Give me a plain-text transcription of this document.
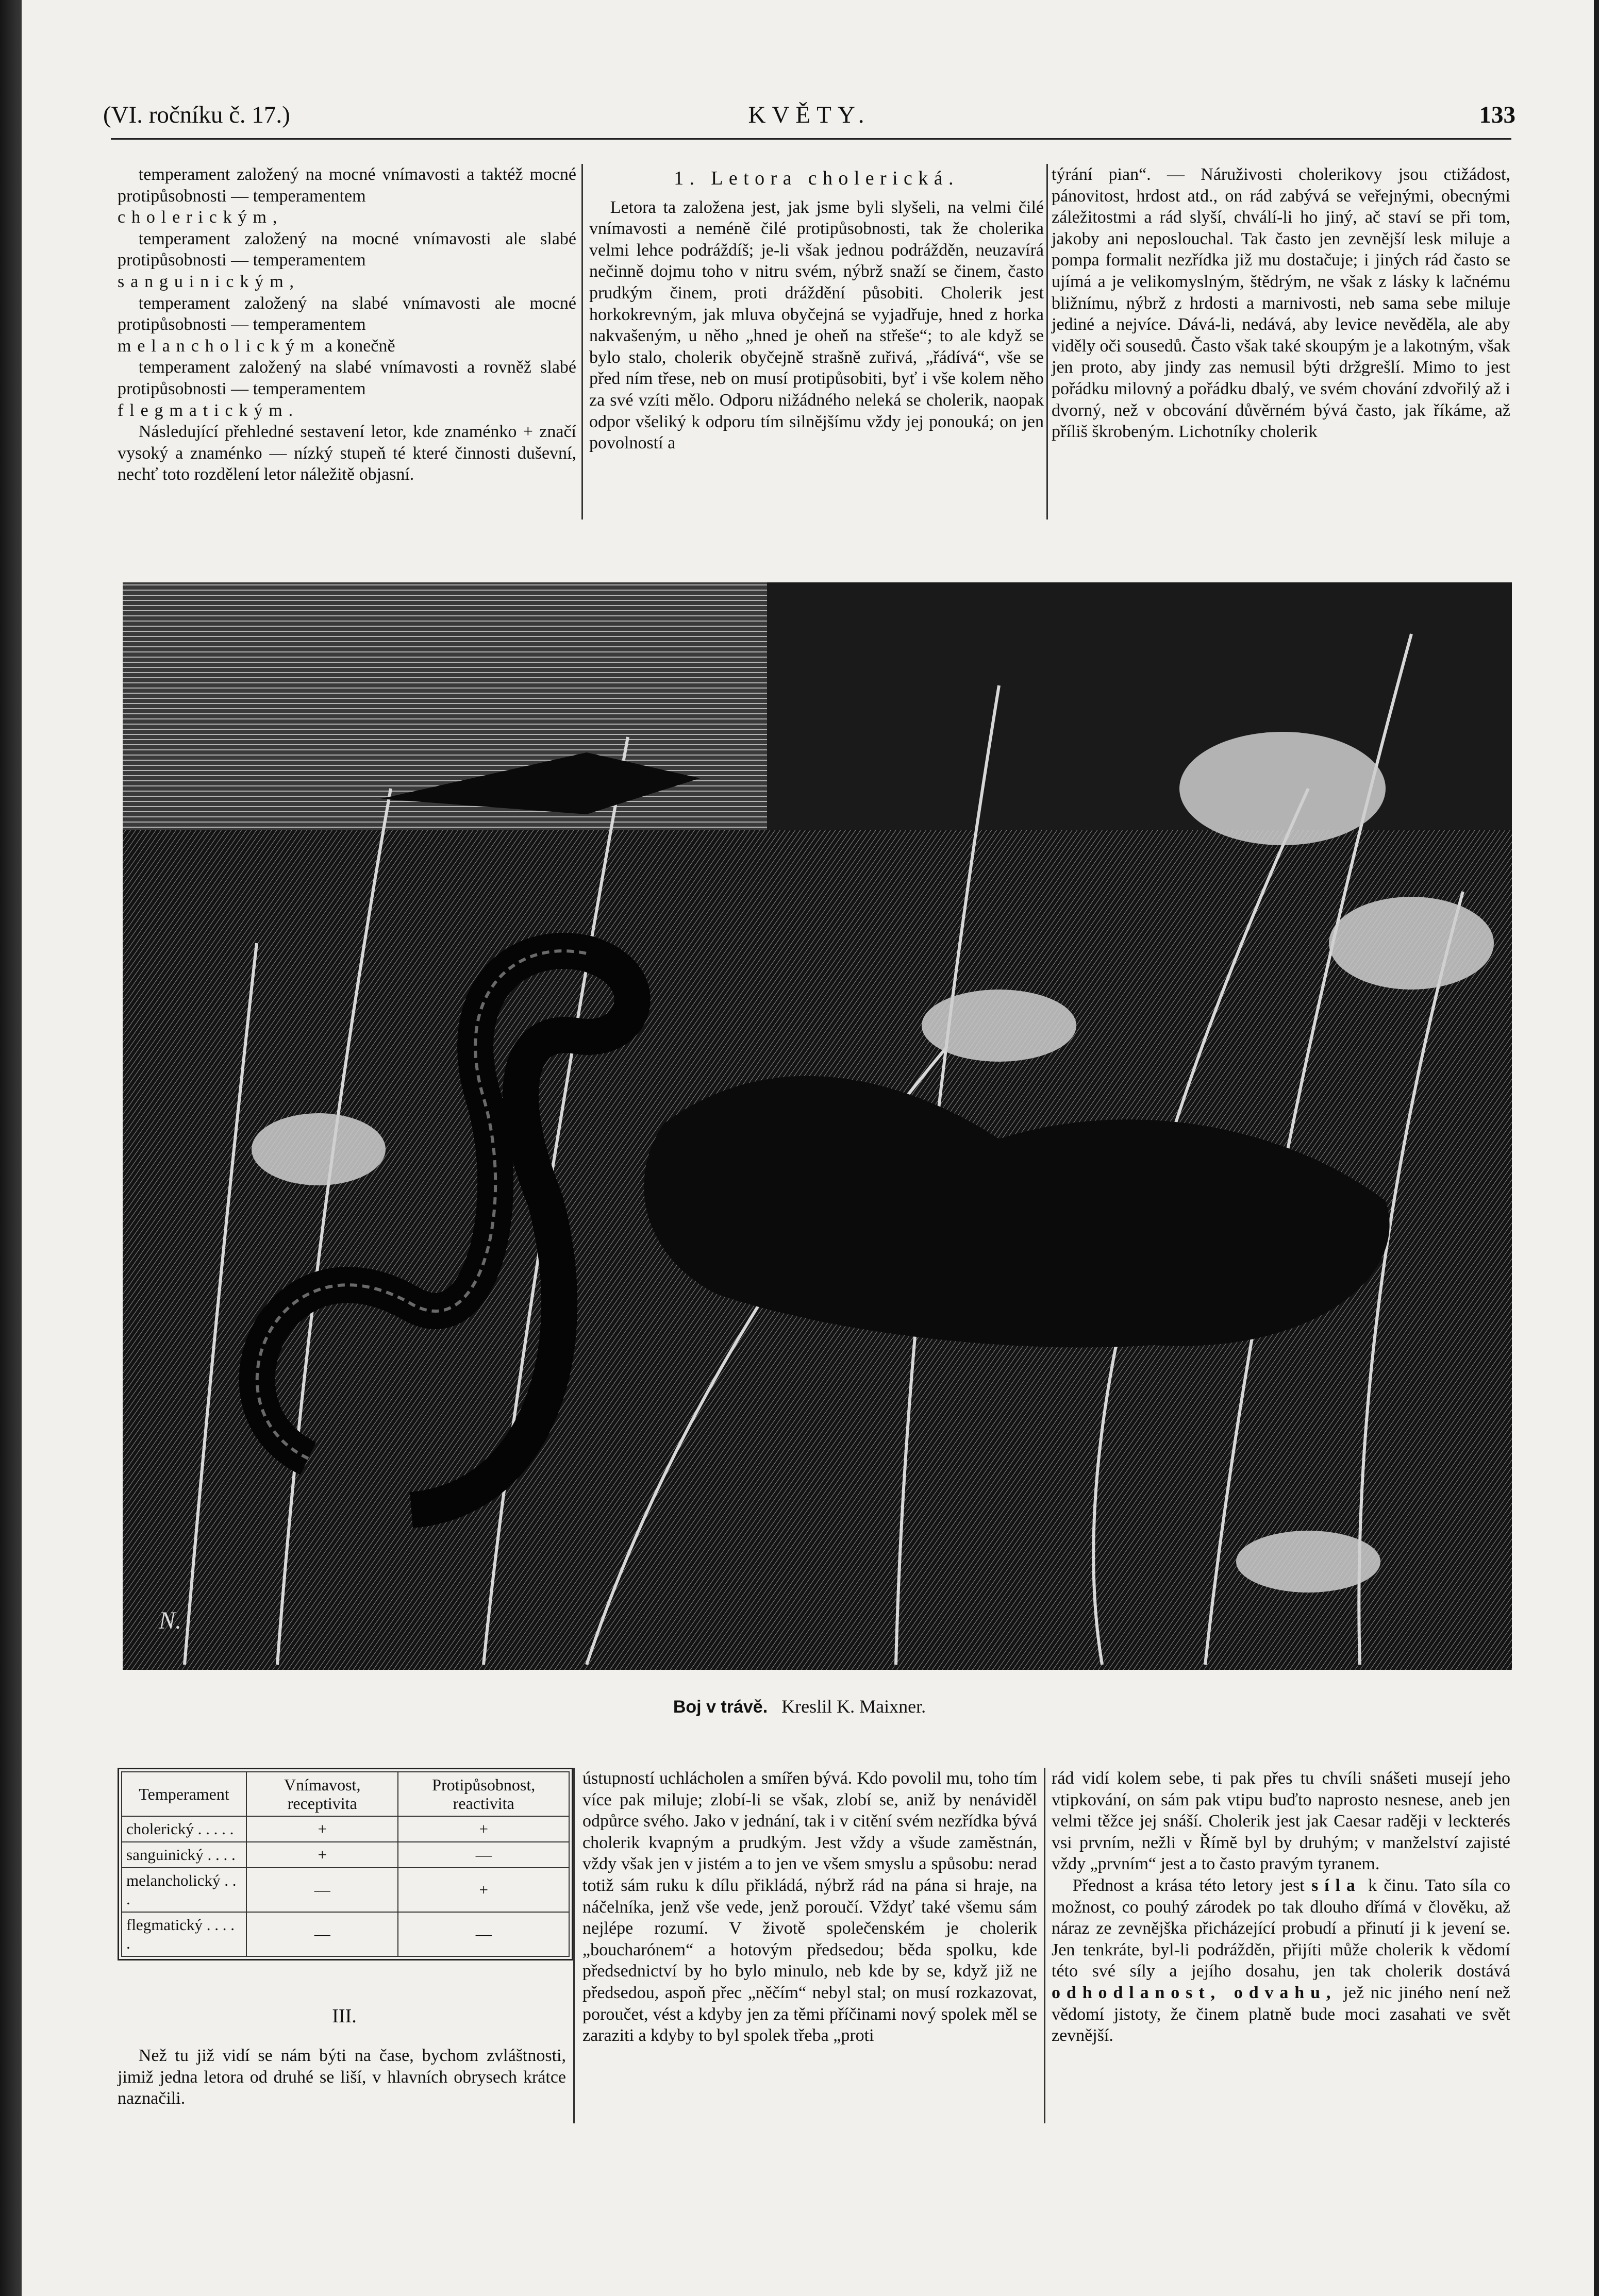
(VI. ročníku č. 17.)	KVĚTY.	133

temperament založený na mocné vnímavosti a taktéž mocné protipůsobnosti — temperamentem
cholerickým,

temperament založený na mocné vnímavosti ale slabé protipůsobnosti — temperamentem
sanguinickým,

temperament založený na slabé vnímavosti ale mocné protipůsobnosti — temperamentem
melancholickým a konečně

temperament založený na slabé vnímavosti a rovněž slabé protipůsobnosti — temperamentem
flegmatickým.

Následující přehledné sestavení letor, kde znaménko + značí vysoký a znaménko — nízký stupeň té které činnosti duševní, nechť toto rozdělení letor náležitě objasní.

1. Letora cholerická.

Letora ta založena jest, jak jsme byli slyšeli, na velmi čilé vnímavosti a neméně čilé protipůsobnosti, tak že cholerika velmi lehce podráždíš; je-li však jednou podrážděn, neuzavírá nečinně dojmu toho v nitru svém, nýbrž snaží se činem, často prudkým činem, proti dráždění působiti. Cholerik jest horkokrevným, jak mluva obyčejná se vyjadřuje, hned z horka nakvašeným, u něho „hned je oheň na střeše“; to ale když se bylo stalo, cholerik obyčejně strašně zuřivá, „řádívá“, vše se před ním třese, neb on musí protipůsobiti, byť i vše kolem něho za své vzíti mělo. Odporu nižádného neleká se cholerik, naopak odpor všeliký k odporu tím silnějšímu vždy jej ponouká; on jen povolností a

týrání pian“. — Náruživosti cholerikovy jsou ctižádost, pánovitost, hrdost atd., on rád zabývá se veřejnými, obecnými záležitostmi a rád slyší, chválí-li ho jiný, ač staví se při tom, jakoby ani neposlouchal. Tak často jen zevnější lesk miluje a pompa formalit nezřídka již mu dostačuje; i jiných rád často se ujímá a je velikomyslným, štědrým, ne však z lásky k lačnému bližnímu, nýbrž z hrdosti a marnivosti, neb sama sebe miluje jediné a nejvíce. Dává-li, nedává, aby levice nevěděla, ale aby viděly oči sousedů. Často však také skoupým je a lakotným, však jen proto, aby jindy zas nemusil býti držgrešlí. Mimo to jest pořádku milovný a pořádku dbalý, ve svém chování zdvořilý až i dvorný, než v obcování důvěrném bývá často, jak říkáme, až příliš škrobeným. Lichotníky cholerik

N.
Boj v trávě. Kreslil K. Maixner.
Temperament	Vnímavost, receptivita	Protipůsobnost, reactivita
cholerický . . . . .	+	+
sanguinický . . . .	+	—
melancholický . . .	—	+
flegmatický . . . . .	—	—
III.

Než tu již vidí se nám býti na čase, bychom zvláštnosti, jimiž jedna letora od druhé se liší, v hlavních obrysech krátce naznačili.

ústupností uchlácholen a smířen bývá. Kdo povolil mu, toho tím více pak miluje; zlobí-li se však, zlobí se, aniž by nenáviděl odpůrce svého. Jako v jednání, tak i v citění svém nezřídka bývá cholerik kvapným a prudkým. Jest vždy a všude zaměstnán, vždy však jen v jistém a to jen ve všem smyslu a spůsobu: nerad totiž sám ruku k dílu přikládá, nýbrž rád na pána si hraje, na náčelníka, jenž vše vede, jenž poroučí. Vždyť také všemu sám nejlépe rozumí. V životě společenském je cholerik „boucharónem“ a hotovým předsedou; běda spolku, kde předsednictví by ho bylo minulo, neb kde by se, když již ne předsedou, aspoň přec „něčím“ nebyl stal; on musí rozkazovat, poroučet, vést a kdyby jen za těmi příčinami nový spolek měl se zaraziti a kdyby to byl spolek třeba „proti

rád vidí kolem sebe, ti pak přes tu chvíli snášeti musejí jeho vtipkování, on sám pak vtipu buďto naprosto nesnese, aneb jen velmi těžce jej snáší. Cholerik jest jak Caesar raději v leckterés vsi prvním, nežli v Římě byl by druhým; v manželství zajisté vždy „prvním“ jest a to často pravým tyranem.

Přednost a krása této letory jest síla k činu. Tato síla co možnost, co pouhý zárodek po tak dlouho dřímá v člověku, až náraz ze zevnějška přicházející probudí a přinutí ji k jevení se. Jen tenkráte, byl-li podrážděn, přijíti může cholerik k vědomí této své síly a jejího dosahu, jen tak cholerik dostává odhodlanost, odvahu, jež nic jiného není než vědomí jistoty, že činem platně bude moci zasahati ve svět zevnější.
